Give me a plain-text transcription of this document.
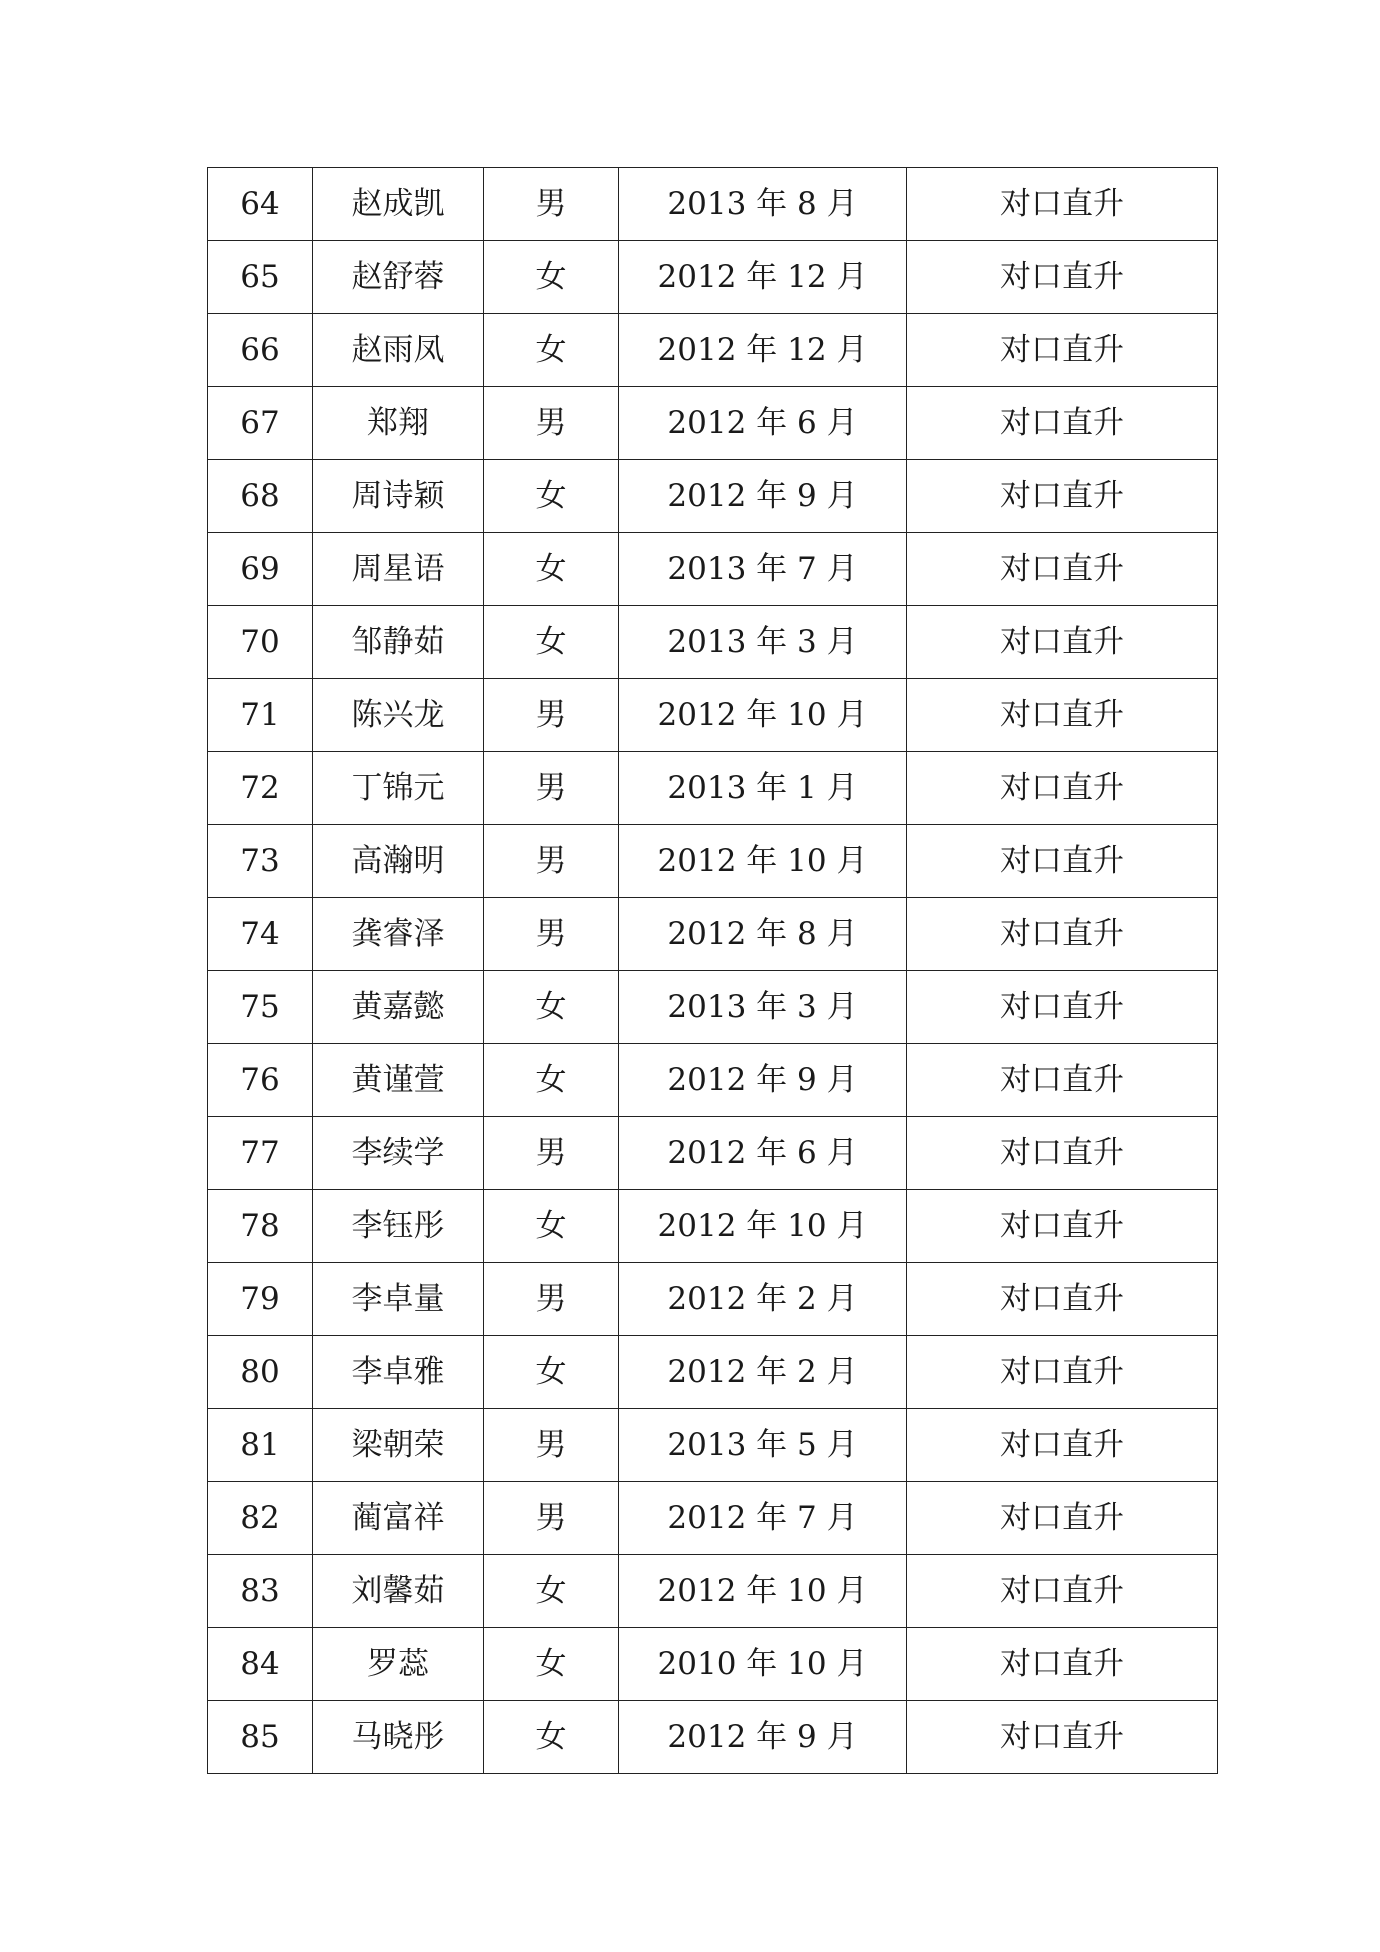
64	赵成凯	男	2013 年 8 月	对口直升
65	赵舒蓉	女	2012 年 12 月	对口直升
66	赵雨凤	女	2012 年 12 月	对口直升
67	郑翔	男	2012 年 6 月	对口直升
68	周诗颖	女	2012 年 9 月	对口直升
69	周星语	女	2013 年 7 月	对口直升
70	邹静茹	女	2013 年 3 月	对口直升
71	陈兴龙	男	2012 年 10 月	对口直升
72	丁锦元	男	2013 年 1 月	对口直升
73	高瀚明	男	2012 年 10 月	对口直升
74	龚睿泽	男	2012 年 8 月	对口直升
75	黄嘉懿	女	2013 年 3 月	对口直升
76	黄谨萱	女	2012 年 9 月	对口直升
77	李续学	男	2012 年 6 月	对口直升
78	李钰彤	女	2012 年 10 月	对口直升
79	李卓量	男	2012 年 2 月	对口直升
80	李卓雅	女	2012 年 2 月	对口直升
81	梁朝荣	男	2013 年 5 月	对口直升
82	蔺富祥	男	2012 年 7 月	对口直升
83	刘馨茹	女	2012 年 10 月	对口直升
84	罗蕊	女	2010 年 10 月	对口直升
85	马晓彤	女	2012 年 9 月	对口直升
